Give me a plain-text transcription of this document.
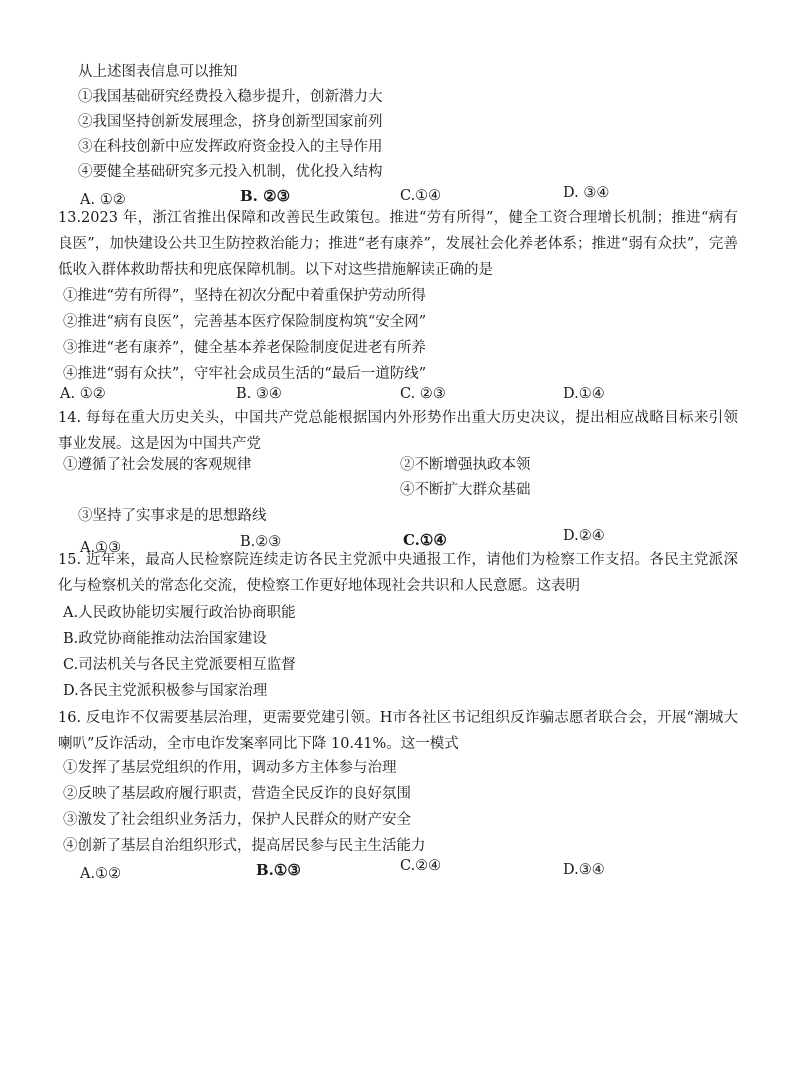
从上述图表信息可以推知
①我国基础研究经费投入稳步提升，创新潜力大
②我国坚持创新发展理念，挤身创新型国家前列
③在科技创新中应发挥政府资金投入的主导作用
④要健全基础研究多元投入机制，优化投入结构
A. ①②	B. ②③	C.①④	D. ③④
13.2023 年，浙江省推出保障和改善民生政策包。推进“劳有所得”，健全工资合理增长机制；推进“病有良医”，加快建设公共卫生防控救治能力；推进“老有康养”，发展社会化养老体系；推进“弱有众扶”，完善低收入群体救助帮扶和兜底保障机制。以下对这些措施解读正确的是
①推进“劳有所得”，坚持在初次分配中着重保护劳动所得
②推进“病有良医”，完善基本医疗保险制度构筑“安全网”
③推进“老有康养”，健全基本养老保险制度促进老有所养
④推进“弱有众扶”，守牢社会成员生活的“最后一道防线”
A. ①②	B. ③④	C. ②③	D.①④
14. 每每在重大历史关头，中国共产党总能根据国内外形势作出重大历史决议，提出相应战略目标来引领事业发展。这是因为中国共产党
①遵循了社会发展的客观规律	②不断增强执政本领
④不断扩大群众基础
③坚持了实事求是的思想路线
A.①③	B.②③	C.①④	D.②④
15. 近年来，最高人民检察院连续走访各民主党派中央通报工作，请他们为检察工作支招。各民主党派深化与检察机关的常态化交流，使检察工作更好地体现社会共识和人民意愿。这表明
A.人民政协能切实履行政治协商职能
B.政党协商能推动法治国家建设
C.司法机关与各民主党派要相互监督
D.各民主党派积极参与国家治理
16. 反电诈不仅需要基层治理，更需要党建引领。H市各社区书记组织反诈骗志愿者联合会，开展“潮城大喇叭”反诈活动，全市电诈发案率同比下降 10.41%。这一模式
①发挥了基层党组织的作用，调动多方主体参与治理
②反映了基层政府履行职责，营造全民反诈的良好氛围
③激发了社会组织业务活力，保护人民群众的财产安全
④创新了基层自治组织形式，提高居民参与民主生活能力
A.①②	B.①③	C.②④	D.③④
